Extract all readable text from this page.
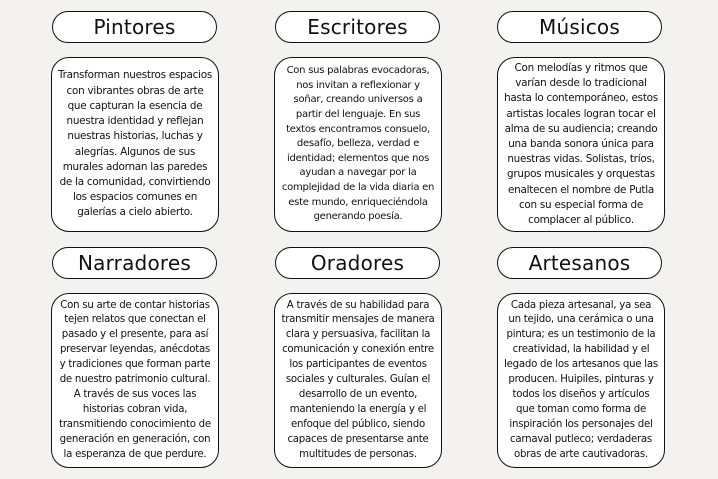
Pintores	Escritores	Músicos

Transforman nuestros espacios con vibrantes obras de arte que capturan la esencia de nuestra identidad y reflejan nuestras historias, luchas y alegrías. Algunos de sus murales adornan las paredes de la comunidad, convirtiendo los espacios comunes en galerías a cielo abierto.

Con sus palabras evocadoras, nos invitan a reflexionar y soñar, creando universos a partir del lenguaje. En sus textos encontramos consuelo, desafío, belleza, verdad e identidad; elementos que nos ayudan a navegar por la complejidad de la vida diaria en este mundo, enriqueciéndola generando poesía.

Con melodías y ritmos que varían desde lo tradicional hasta lo contemporáneo, estos artistas locales logran tocar el alma de su audiencia; creando una banda sonora única para nuestras vidas. Solistas, tríos, grupos musicales y orquestas enaltecen el nombre de Putla con su especial forma de complacer al público.

Narradores	Oradores	Artesanos

Con su arte de contar historias tejen relatos que conectan el pasado y el presente, para así preservar leyendas, anécdotas y tradiciones que forman parte de nuestro patrimonio cultural. A través de sus voces las historias cobran vida, transmitiendo conocimiento de generación en generación, con la esperanza de que perdure.

A través de su habilidad para transmitir mensajes de manera clara y persuasiva, facilitan la comunicación y conexión entre los participantes de eventos sociales y culturales. Guían el desarrollo de un evento, manteniendo la energía y el enfoque del público, siendo capaces de presentarse ante multitudes de personas.

Cada pieza artesanal, ya sea un tejido, una cerámica o una pintura; es un testimonio de la creatividad, la habilidad y el legado de los artesanos que las producen. Huipiles, pinturas y todos los diseños y artículos que toman como forma de inspiración los personajes del carnaval putleco; verdaderas obras de arte cautivadoras.
